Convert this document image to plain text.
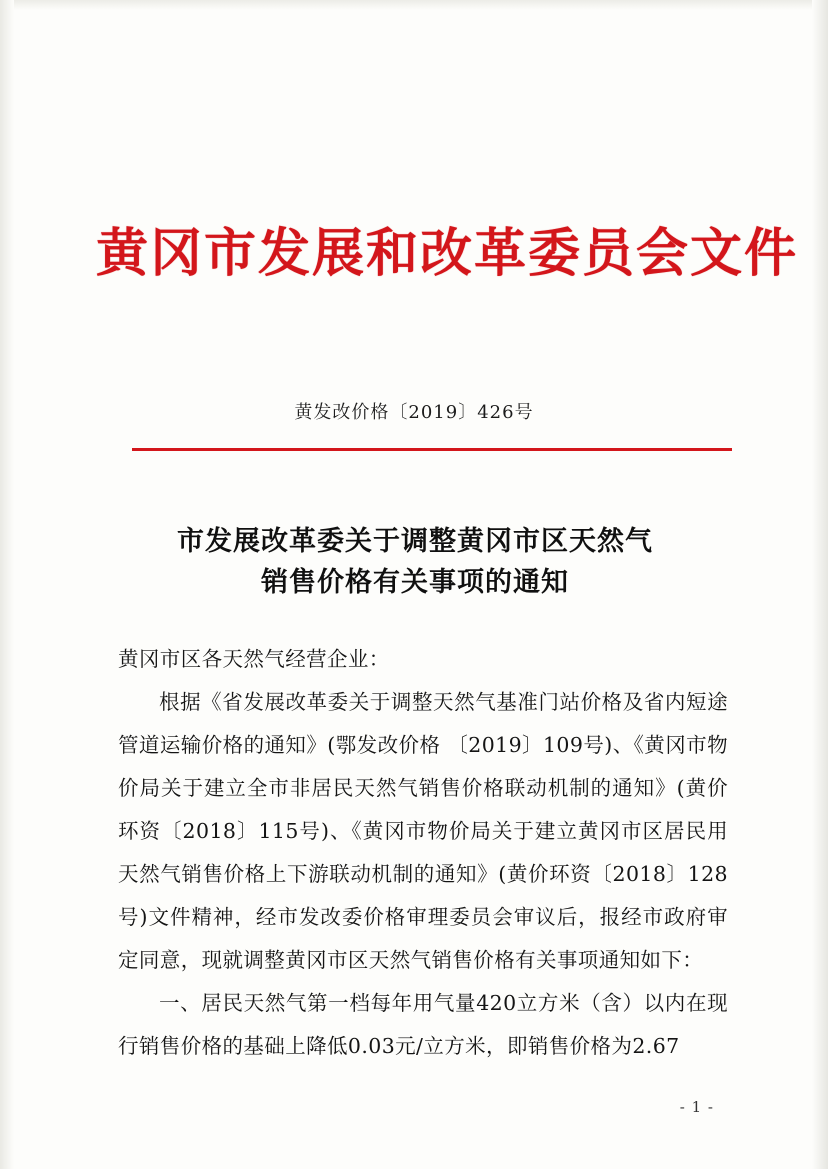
黄冈市发展和改革委员会文件
黄发改价格〔2019〕426号
市发展改革委关于调整黄冈市区天然气
销售价格有关事项的通知

黄冈市区各天然气经营企业：

根据《省发展改革委关于调整天然气基准门站价格及省内短途管道运输价格的通知》(鄂发改价格 〔2019〕109号)、《黄冈市物价局关于建立全市非居民天然气销售价格联动机制的通知》(黄价环资〔2018〕115号)、《黄冈市物价局关于建立黄冈市区居民用天然气销售价格上下游联动机制的通知》(黄价环资〔2018〕128号)文件精神，经市发改委价格审理委员会审议后，报经市政府审定同意，现就调整黄冈市区天然气销售价格有关事项通知如下：

一、居民天然气第一档每年用气量420立方米（含）以内在现行销售价格的基础上降低0.03元/立方米，即销售价格为2.67

- 1 -
